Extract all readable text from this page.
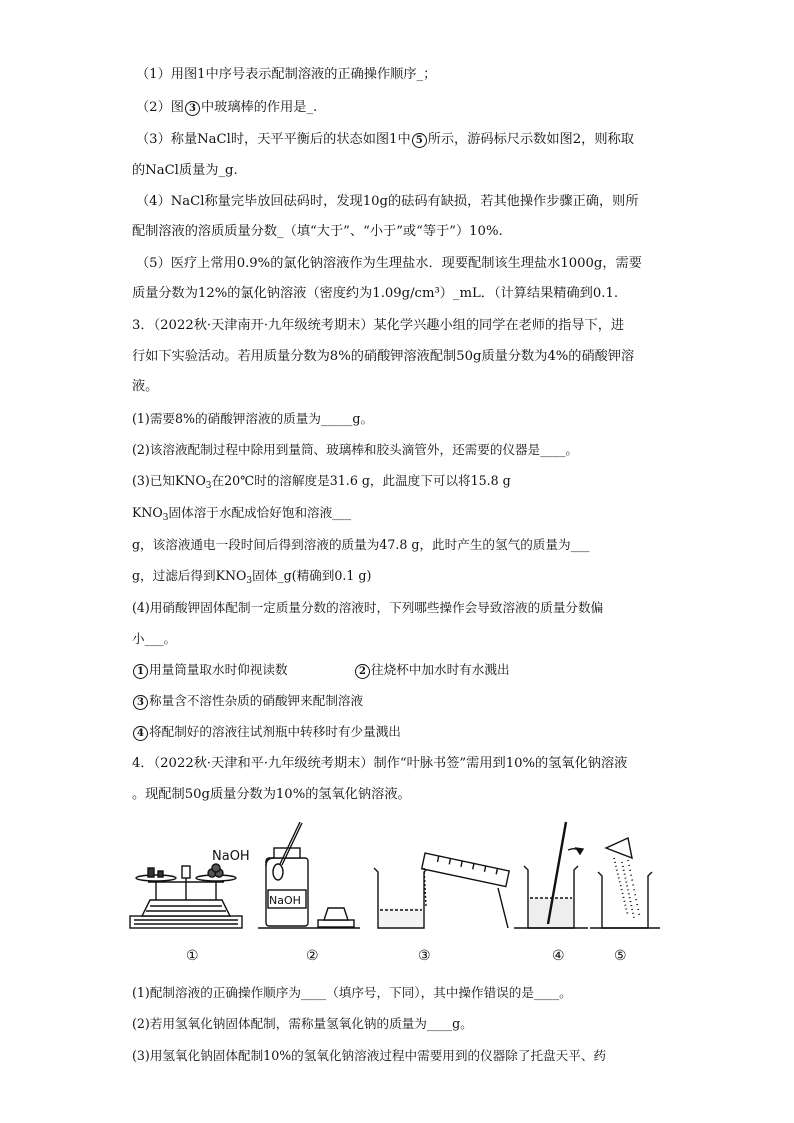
（1）用图1中序号表示配制溶液的正确操作顺序_；
（2）图 3 中玻璃棒的作用是_.
（3）称量NaCl时，天平平衡后的状态如图1中 5 所示，游码标尺示数如图2，则称取
的NaCl质量为_g.
（4）NaCl称量完毕放回砝码时，发现10g的砝码有缺损，若其他操作步骤正确，则所
配制溶液的溶质质量分数_（填“大于”、“小于”或“等于”）10%.
（5）医疗上常用0.9%的氯化钠溶液作为生理盐水．现要配制该生理盐水1000g，需要
质量分数为12%的氯化钠溶液（密度约为1.09g/cm³）_mL．（计算结果精确到0.1.
3．（2022秋·天津南开·九年级统考期末）某化学兴趣小组的同学在老师的指导下，进
行如下实验活动。若用质量分数为8%的硝酸钾溶液配制50g质量分数为4%的硝酸钾溶
液。
(1)需要8%的硝酸钾溶液的质量为_____g。
(2)该溶液配制过程中除用到量筒、玻璃棒和胶头滴管外，还需要的仪器是____。
(3)已知$KNO_3$在20℃时的溶解度是31.6 g，此温度下可以将15.8 g
$KNO_3$固体溶于水配成恰好饱和溶液___
g，该溶液通电一段时间后得到溶液的质量为47.8 g，此时产生的氢气的质量为___
g，过滤后得到$KNO_3$固体_g(精确到0.1 g)
(4)用硝酸钾固体配制一定质量分数的溶液时，下列哪些操作会导致溶液的质量分数偏
小___。
1 用量筒量取水时仰视读数	2 往烧杯中加水时有水溅出
3 称量含不溶性杂质的硝酸钾来配制溶液
4 将配制好的溶液往试剂瓶中转移时有少量溅出
4．（2022秋·天津和平·九年级统考期末）制作“叶脉书签”需用到10%的氢氧化钠溶液
。现配制50g质量分数为10%的氢氧化钠溶液。
NaOH
NaOH
①	②	③	④	⑤
(1)配制溶液的正确操作顺序为____（填序号，下同），其中操作错误的是____。
(2)若用氢氧化钠固体配制，需称量氢氧化钠的质量为____g。
(3)用氢氧化钠固体配制10%的氢氧化钠溶液过程中需要用到的仪器除了托盘天平、药
